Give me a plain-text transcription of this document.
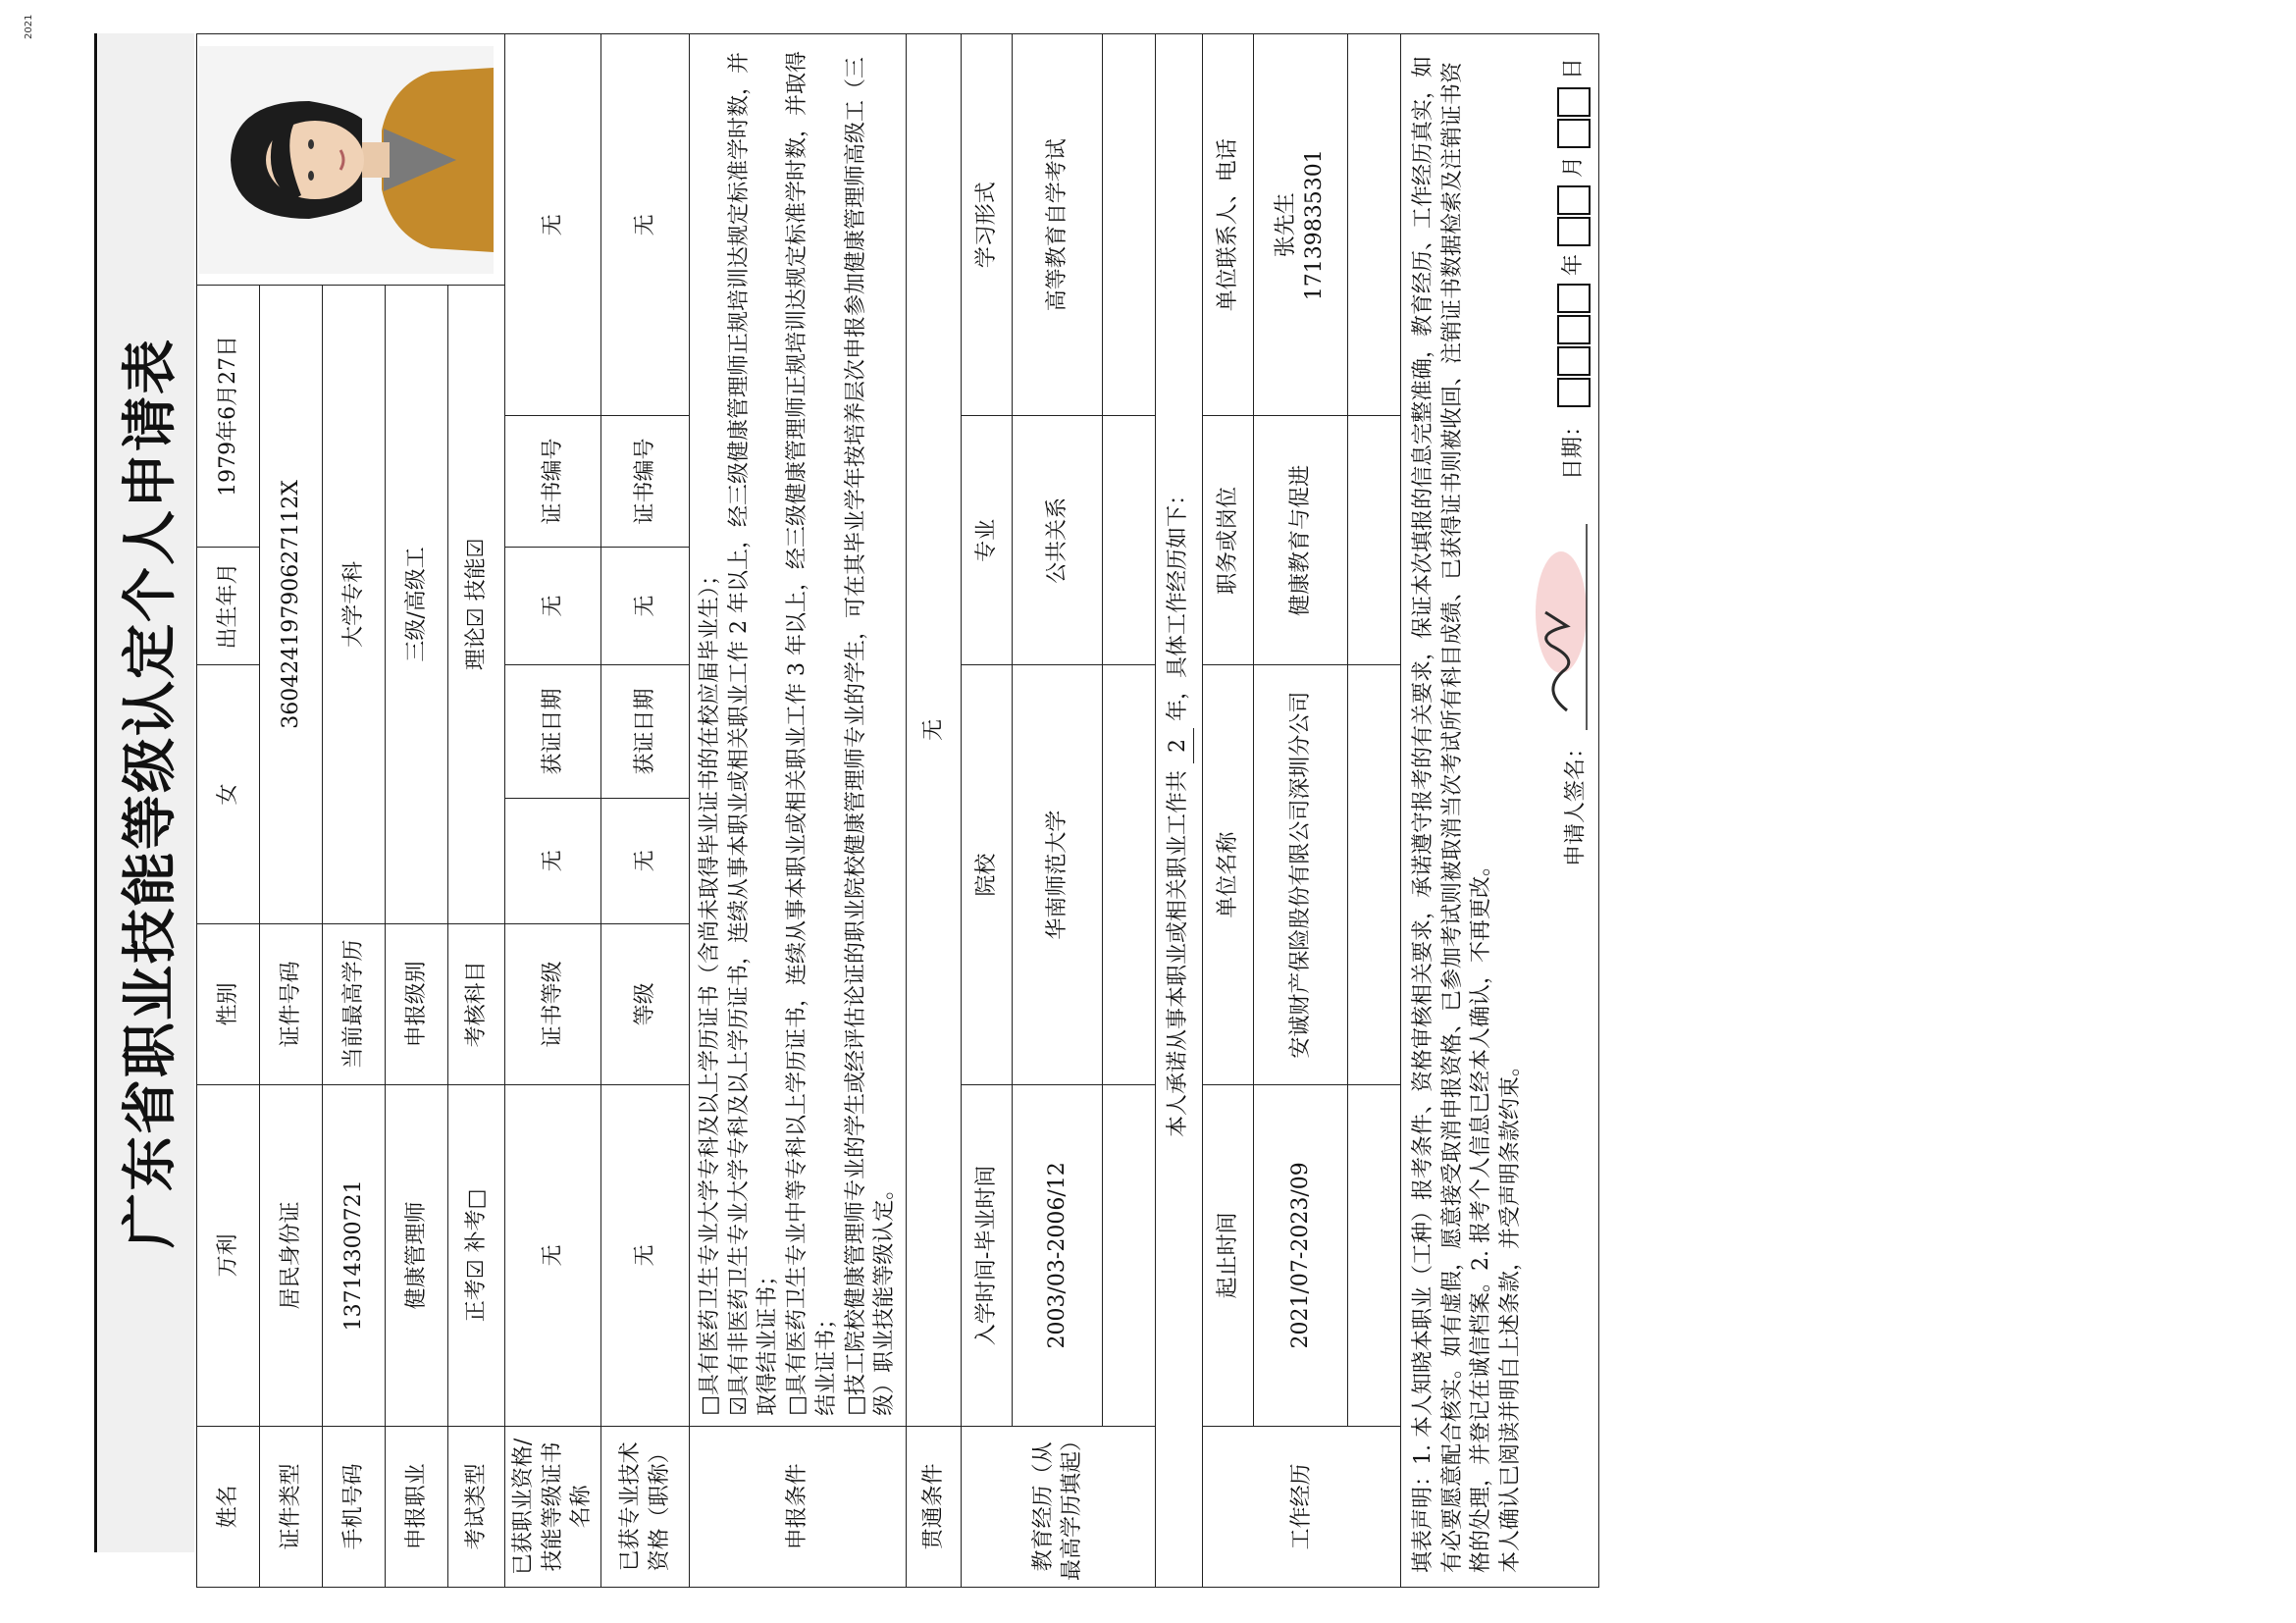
2021
广东省职业技能等级认定个人申请表
姓名	万利	性别	女		出生年月	1979年6月27日	
证件类型	居民身份证	证件号码	36042419790627112X					
手机号码	13714300721	当前最高学历	大学专科					
申报职业	健康管理师	申报级别	三级/高级工					
考试类型	正考☑ 补考□	考核科目	理论☑ 技能☑					
已获职业资格/技能等级证书名称	无	证书等级	无	获证日期	无	证书编号	无	
已获专业技术资格（职称）	无	等级	无	获证日期	无	证书编号	无	
申报条件	□具有医药卫生专业大学专科及以上学历证书（含尚未取得毕业证书的在校应届毕业生）； ☑具有非医药卫生专业大学专科及以上学历证书，连续从事本职业或相关职业工作 2 年以上，经三级健康管理师正规培训达规定标准学时数，并取得结业证书； □具有医药卫生专业中等专科以上学历证书，连续从事本职业或相关职业工作 3 年以上，经三级健康管理师正规培训达规定标准学时数，并取得结业证书； □技工院校健康管理师专业的学生或经评估论证的职业院校健康管理师专业的学生，可在其毕业学年按培养层次申报参加健康管理师高级工（三级）职业技能等级认定。							

贯通条件	无							
教育经历（从最高学历填起）	入学时间-毕业时间	院校			专业		学习形式	
	2003/03-2006/12	华南师范大学			公共关系		高等教育自学考试	

本人承诺从事本职业或相关职业工作共 2 年，具体工作经历如下：								
工作经历	起止时间	单位名称			职务或岗位		单位联系人、电话	
	2021/07-2023/09	安诚财产保险股份有限公司深圳分公司			健康教育与促进		张先生
17139835301	

填表声明：1. 本人知晓本职业（工种）报考条件、资格审核相关要求，承诺遵守报考的有关要求，保证本次填报的信息完整准确，教育经历、工作经历真实，如有必要愿意配合核实。如有虚假，愿意接受取消申报资格、已参加考试则被取消当次考试所有科目成绩、已获得证书则被收回、注销证书数据检索及注销证书资格的处理，并登记在诚信档案。2. 报考个人信息已经本人确认，不再更改。 本人确认已阅读并明白上述条款，并受声明条款约束。

申请人签名：
日期：  年  月  日								
